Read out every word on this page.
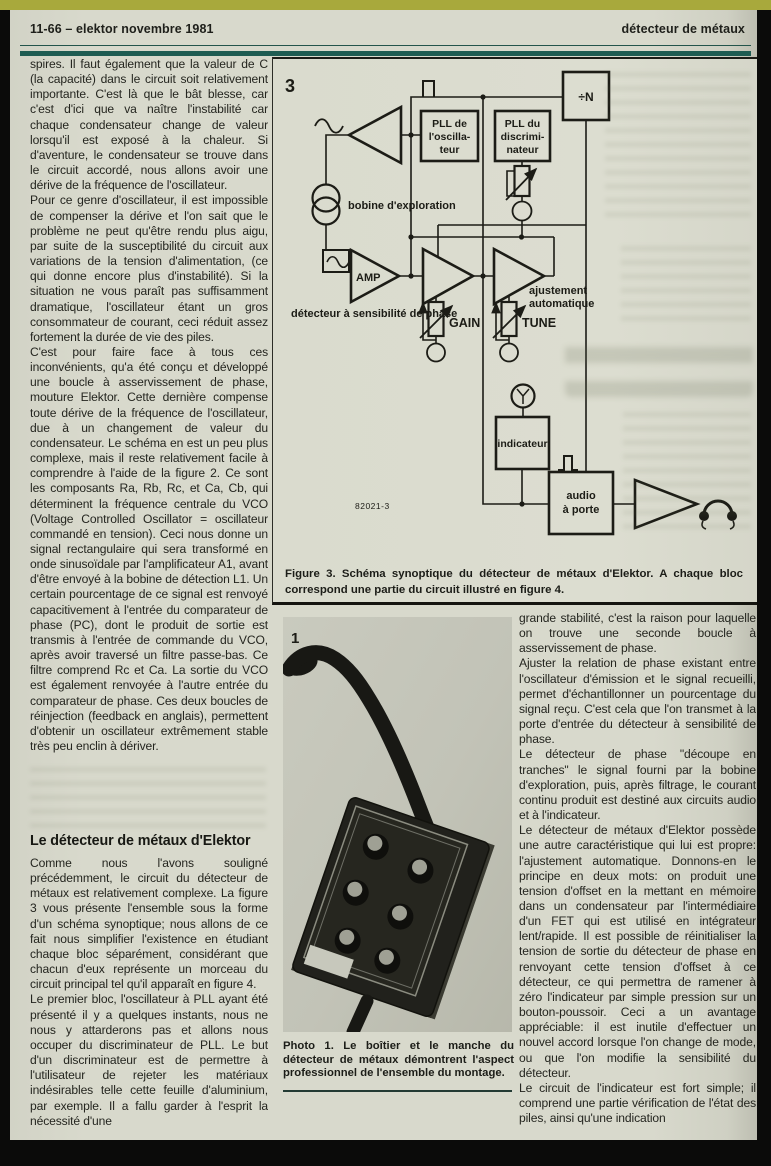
11-66 – elektor novembre 1981	détecteur de métaux

spires. Il faut également que la valeur de C (la capacité) dans le circuit soit relativement importante. C'est là que le bât blesse, car c'est d'ici que va naître l'instabilité car chaque condensateur change de valeur lorsqu'il est exposé à la chaleur. Si d'aventure, le condensateur se trouve dans le circuit accordé, nous allons avoir une dérive de la fréquence de l'oscillateur.

Pour ce genre d'oscillateur, il est impossible de compenser la dérive et l'on sait que le problème ne peut qu'être rendu plus aigu, par suite de la susceptibilité du circuit aux variations de la tension d'alimentation, (ce qui donne encore plus d'instabilité). Si la situation ne vous paraît pas suffisamment dramatique, l'oscillateur étant un gros consommateur de courant, ceci réduit assez fortement la durée de vie des piles.

C'est pour faire face à tous ces inconvénients, qu'a été conçu et développé une boucle à asservissement de phase, mouture Elektor. Cette dernière compense toute dérive de la fréquence de l'oscillateur, due à un changement de valeur du condensateur. Le schéma en est un peu plus complexe, mais il reste relativement facile à comprendre à l'aide de la figure 2. Ce sont les composants Ra, Rb, Rc, et Ca, Cb, qui déterminent la fréquence centrale du VCO (Voltage Controlled Oscillator = oscillateur commandé en tension). Ceci nous donne un signal rectangulaire qui sera transformé en onde sinusoïdale par l'amplificateur A1, avant d'être envoyé à la bobine de détection L1. Un certain pourcentage de ce signal est renvoyé capacitivement à l'entrée du comparateur de phase (PC), dont le produit de sortie est transmis à l'entrée de commande du VCO, après avoir traversé un filtre passe-bas. Ce filtre comprend Rc et Ca. La sortie du VCO est également renvoyée à l'autre entrée du comparateur de phase. Ces deux boucles de réinjection (feedback en anglais), permettent d'obtenir un oscillateur extrêmement stable très peu enclin à dériver.

Le détecteur de métaux d'Elektor

Comme nous l'avons souligné précédemment, le circuit du détecteur de métaux est relativement complexe. La figure 3 vous présente l'ensemble sous la forme d'un schéma synoptique; nous allons de ce fait nous simplifier l'existence en étudiant chaque bloc séparément, considérant que chacun d'eux représente un morceau du circuit principal tel qu'il apparaît en figure 4.

Le premier bloc, l'oscillateur à PLL ayant été présenté il y a quelques instants, nous ne nous y attarderons pas et allons nous occuper du discriminateur de PLL. Le but d'un discriminateur est de permettre à l'utilisateur de rejeter les matériaux indésirables telle cette feuille d'aluminium, par exemple. Il a fallu garder à l'esprit la nécessité d'une

3
÷N
PLL de
l'oscilla-
teur
PLL du
discrimi-
nateur
bobine d'exploration
AMP
détecteur à sensibilité de phase
ajustement
automatique
GAIN	TUNE
indicateur
audio
à porte
82021-3
Figure 3. Schéma synoptique du détecteur de métaux d'Elektor. A chaque bloc correspond une partie du circuit illustré en figure 4.
1
Photo 1. Le boîtier et le manche du détecteur de métaux démontrent l'aspect professionnel de l'ensemble du montage.

grande stabilité, c'est la raison pour laquelle on trouve une seconde boucle à asservissement de phase.

Ajuster la relation de phase existant entre l'oscillateur d'émission et le signal recueilli, permet d'échantillonner un pourcentage du signal reçu. C'est cela que l'on transmet à la porte d'entrée du détecteur à sensibilité de phase.

Le détecteur de phase "découpe en tranches" le signal fourni par la bobine d'exploration, puis, après filtrage, le courant continu produit est destiné aux circuits audio et à l'indicateur.

Le détecteur de métaux d'Elektor possède une autre caractéristique qui lui est propre: l'ajustement automatique. Donnons-en le principe en deux mots: on produit une tension d'offset en la mettant en mémoire dans un condensateur par l'intermédiaire d'un FET qui est utilisé en intégrateur lent/rapide. Il est possible de réinitialiser la tension de sortie du détecteur de phase en renvoyant cette tension d'offset à ce détecteur, ce qui permettra de ramener à zéro l'indicateur par simple pression sur un bouton-poussoir. Ceci a un avantage appréciable: il est inutile d'effectuer un nouvel accord lorsque l'on change de mode, ou que l'on modifie la sensibilité du détecteur.

Le circuit de l'indicateur est fort simple; il comprend une partie vérification de l'état des piles, ainsi qu'une indication
